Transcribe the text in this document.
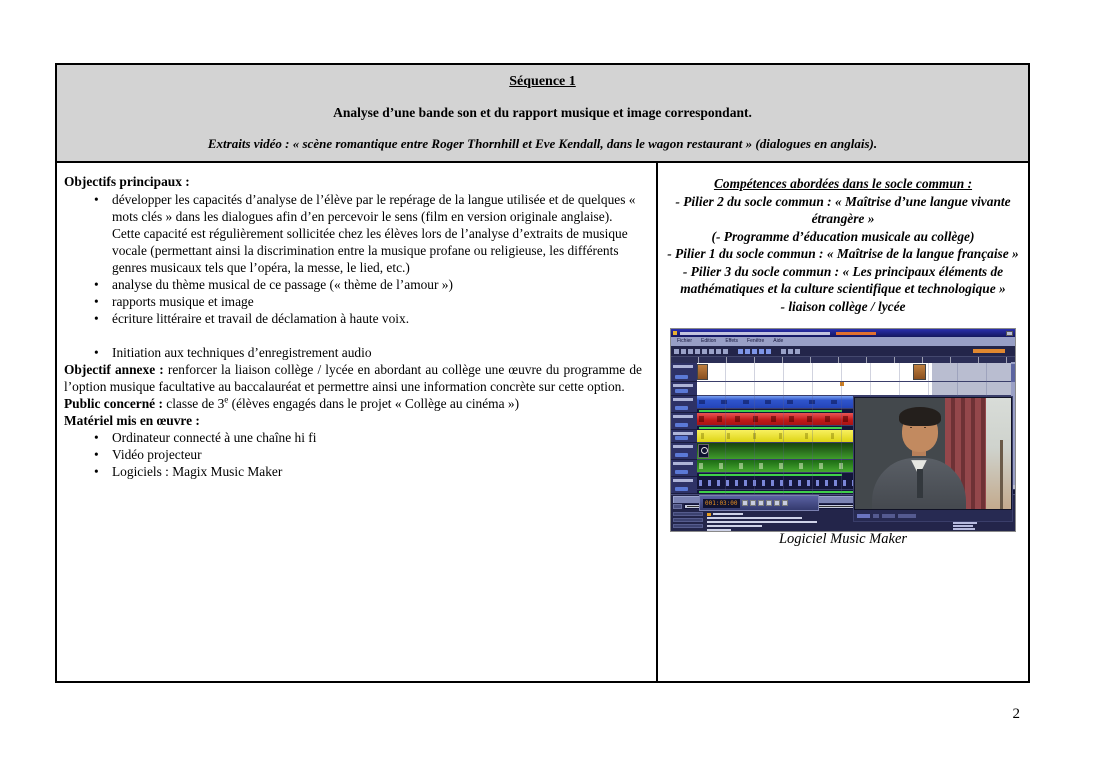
Séquence 1

Analyse d’une bande son et du rapport musique et image correspondant.

Extraits vidéo : « scène romantique entre Roger Thornhill et Eve Kendall, dans le wagon restaurant » (dialogues en anglais).

Objectifs principaux :

• développer les capacités d’analyse de l’élève par le repérage de la langue utilisée et de quelques « mots clés » dans les dialogues afin d’en percevoir le sens (film en version originale anglaise).
Cette capacité est régulièrement sollicitée chez les élèves lors de l’analyse d’extraits de musique vocale (permettant ainsi la discrimination entre la musique profane ou religieuse, les différents genres musicaux tels que l’opéra, la messe, le lied, etc.)
• analyse du thème musical de ce passage (« thème de l’amour »)
• rapports musique et image
• écriture littéraire et travail de déclamation à haute voix.
• Initiation aux techniques d’enregistrement audio

Objectif annexe : renforcer la liaison collège / lycée en abordant au collège une œuvre du programme de l’option musique facultative au baccalauréat et permettre ainsi une information concrète sur cette option.

Public concerné : classe de 3e (élèves engagés dans le projet « Collège au cinéma »)

Matériel mis en œuvre :

• Ordinateur connecté à une chaîne hi fi
• Vidéo projecteur
• Logiciels : Magix Music Maker

Compétences abordées dans le socle commun :

- Pilier 2 du socle commun : « Maîtrise d’une langue vivante étrangère »

(- Programme d’éducation musicale au collège)

- Pilier 1 du socle commun : « Maîtrise de la langue française »

- Pilier 3 du socle commun : « Les principaux éléments de mathématiques et la culture scientifique et technologique »

- liaison collège / lycée

Fichier Edition Effets Fenêtre Aide
001:03:00

Logiciel Music Maker

2
